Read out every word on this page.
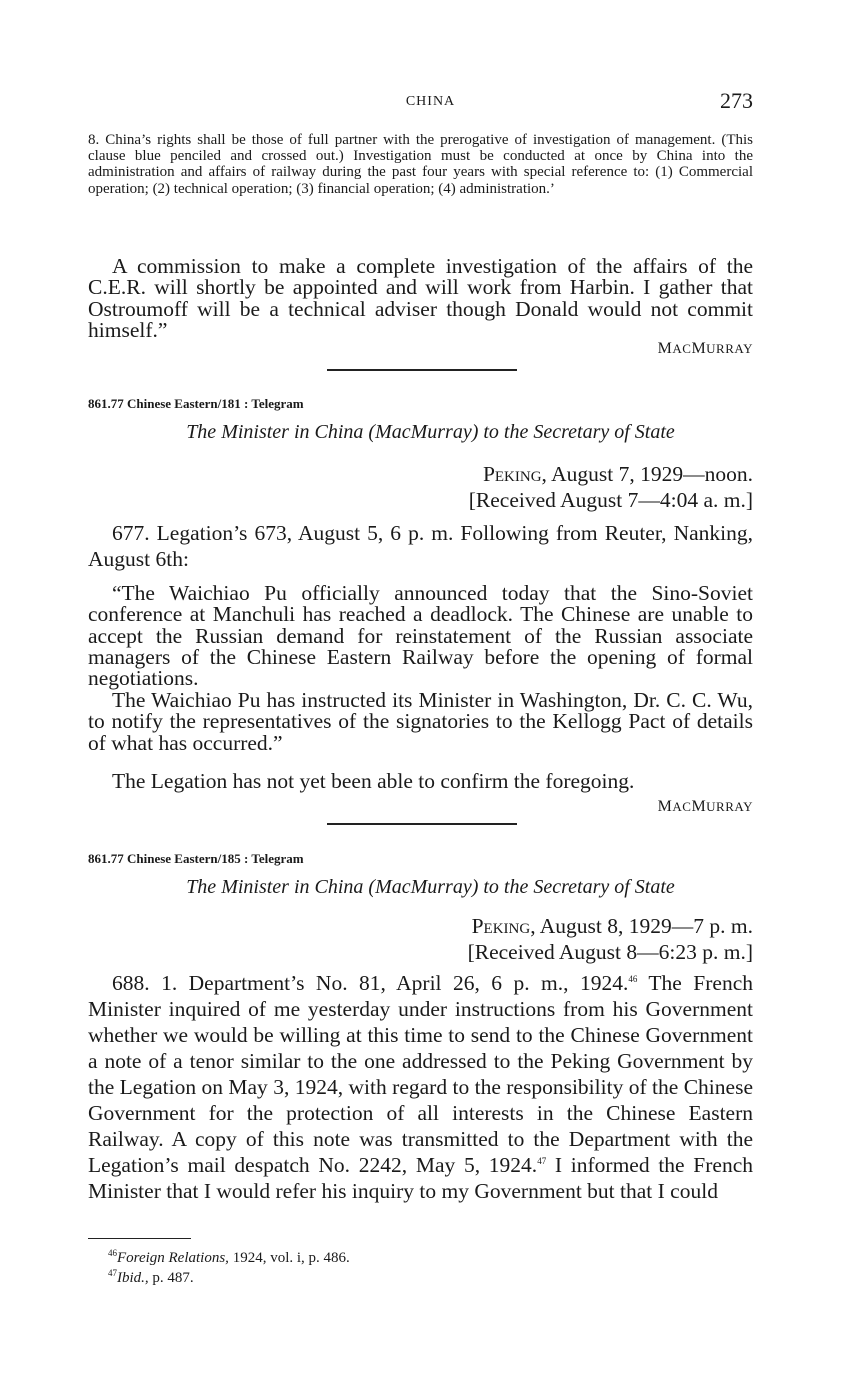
CHINA	273
8. China’s rights shall be those of full partner with the prerogative of investigation of management. (This clause blue penciled and crossed out.) Investigation must be conducted at once by China into the administration and affairs of railway during the past four years with special reference to: (1) Commercial operation; (2) technical operation; (3) financial operation; (4) administration.’
A commission to make a complete investigation of the affairs of the C.E.R. will shortly be appointed and will work from Harbin. I gather that Ostroumoff will be a technical adviser though Donald would not commit himself.”
MACMURRAY
861.77 Chinese Eastern/181 : Telegram
The Minister in China (MacMurray) to the Secretary of State
Peking, August 7, 1929—noon.
[Received August 7—4:04 a. m.]
677. Legation’s 673, August 5, 6 p. m. Following from Reuter, Nanking, August 6th:
“The Waichiao Pu officially announced today that the Sino-Soviet conference at Manchuli has reached a deadlock. The Chinese are unable to accept the Russian demand for reinstatement of the Russian associate managers of the Chinese Eastern Railway before the opening of formal negotiations.
The Waichiao Pu has instructed its Minister in Washington, Dr. C. C. Wu, to notify the representatives of the signatories to the Kellogg Pact of details of what has occurred.”
The Legation has not yet been able to confirm the foregoing.
MACMURRAY
861.77 Chinese Eastern/185 : Telegram
The Minister in China (MacMurray) to the Secretary of State
Peking, August 8, 1929—7 p. m.
[Received August 8—6:23 p. m.]
688. 1. Department’s No. 81, April 26, 6 p. m., 1924.46 The French Minister inquired of me yesterday under instructions from his Government whether we would be willing at this time to send to the Chinese Government a note of a tenor similar to the one addressed to the Peking Government by the Legation on May 3, 1924, with regard to the responsibility of the Chinese Government for the protection of all interests in the Chinese Eastern Railway. A copy of this note was transmitted to the Department with the Legation’s mail despatch No. 2242, May 5, 1924.47 I informed the French Minister that I would refer his inquiry to my Government but that I could
$^{46}$Foreign Relations, 1924, vol. i, p. 486.
$^{47}$Ibid., p. 487.
